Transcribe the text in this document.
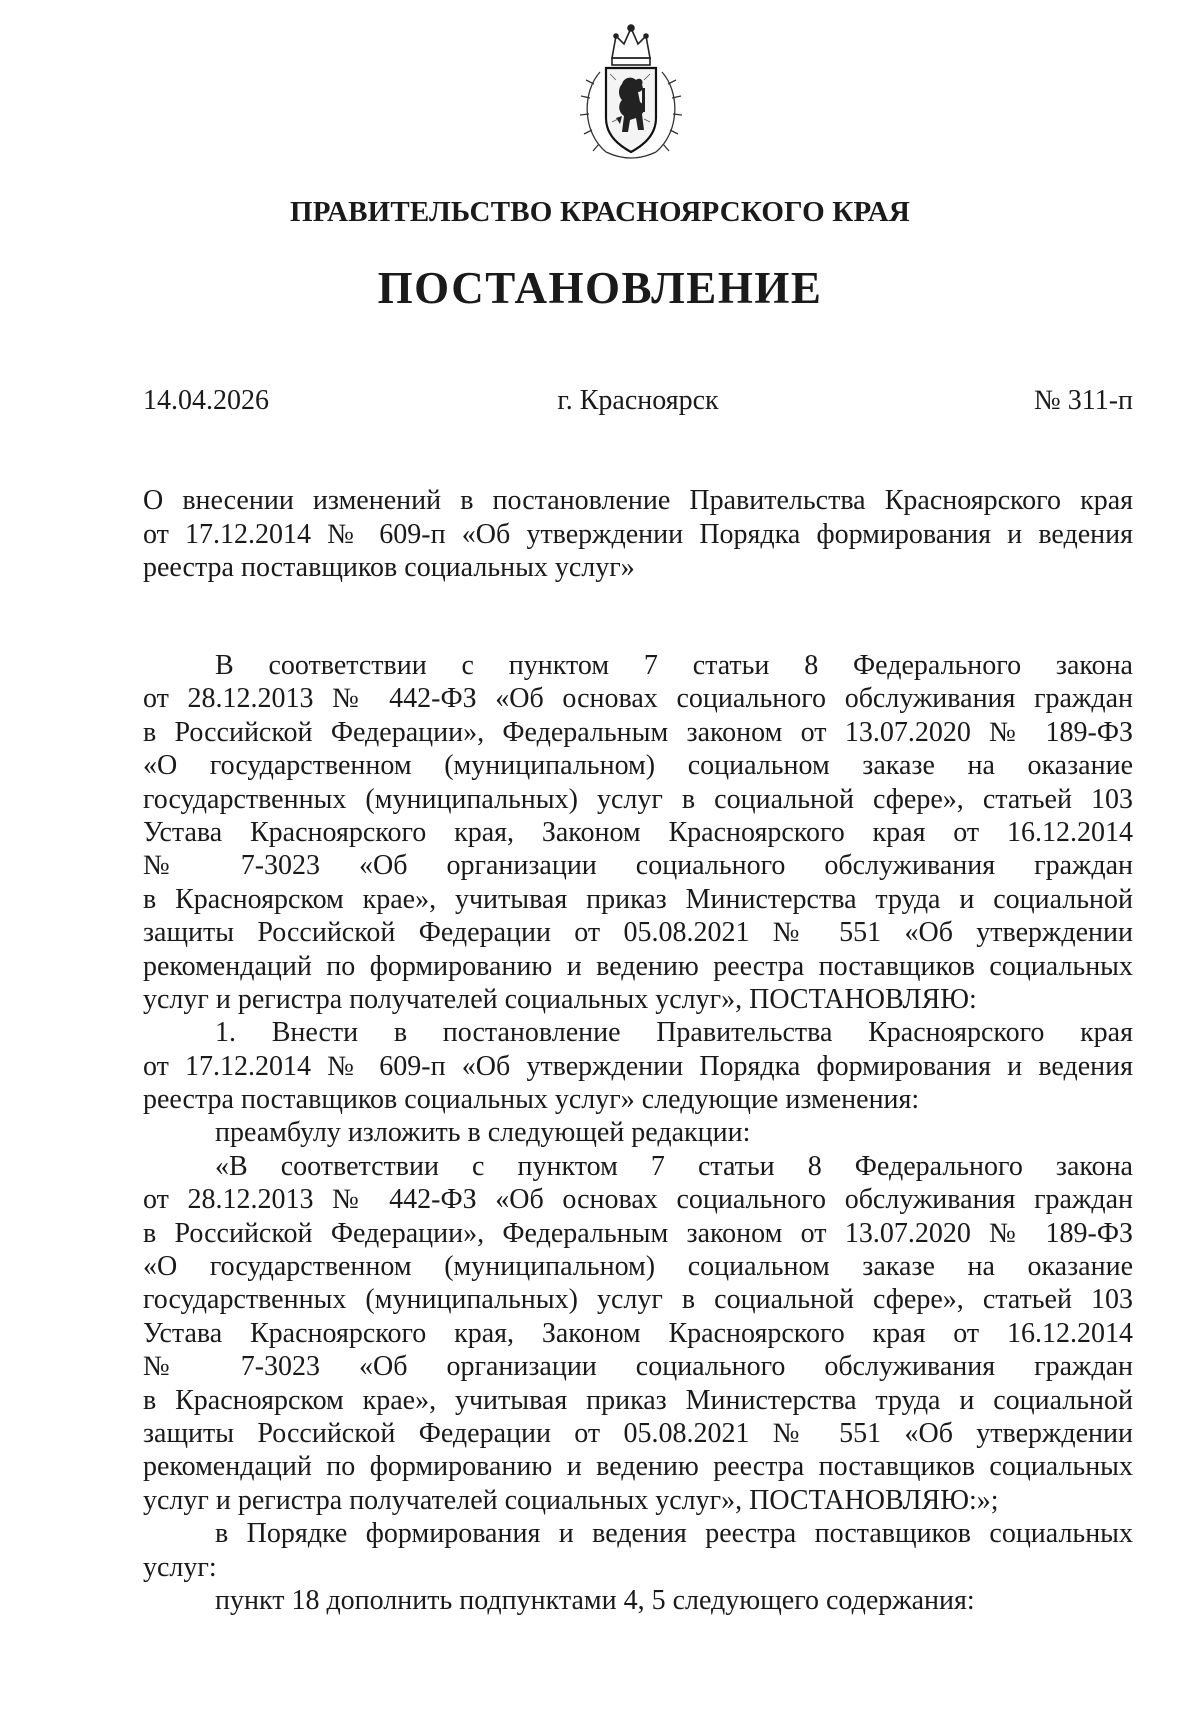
ПРАВИТЕЛЬСТВО КРАСНОЯРСКОГО КРАЯ
ПОСТАНОВЛЕНИЕ
14.04.2026	г. Красноярск	№ 311-п
О внесении изменений в постановление Правительства Красноярского края
от 17.12.2014 № 609-п «Об утверждении Порядка формирования и ведения
реестра поставщиков социальных услуг»
В соответствии с пунктом 7 статьи 8 Федерального закона
от 28.12.2013 № 442-ФЗ «Об основах социального обслуживания граждан
в Российской Федерации», Федеральным законом от 13.07.2020 № 189-ФЗ
«О государственном (муниципальном) социальном заказе на оказание
государственных (муниципальных) услуг в социальной сфере», статьей 103
Устава Красноярского края, Законом Красноярского края от 16.12.2014
№ 7-3023 «Об организации социального обслуживания граждан
в Красноярском крае», учитывая приказ Министерства труда и социальной
защиты Российской Федерации от 05.08.2021 № 551 «Об утверждении
рекомендаций по формированию и ведению реестра поставщиков социальных
услуг и регистра получателей социальных услуг», ПОСТАНОВЛЯЮ:
1. Внести в постановление Правительства Красноярского края
от 17.12.2014 № 609-п «Об утверждении Порядка формирования и ведения
реестра поставщиков социальных услуг» следующие изменения:
преамбулу изложить в следующей редакции:
«В соответствии с пунктом 7 статьи 8 Федерального закона
от 28.12.2013 № 442-ФЗ «Об основах социального обслуживания граждан
в Российской Федерации», Федеральным законом от 13.07.2020 № 189-ФЗ
«О государственном (муниципальном) социальном заказе на оказание
государственных (муниципальных) услуг в социальной сфере», статьей 103
Устава Красноярского края, Законом Красноярского края от 16.12.2014
№ 7-3023 «Об организации социального обслуживания граждан
в Красноярском крае», учитывая приказ Министерства труда и социальной
защиты Российской Федерации от 05.08.2021 № 551 «Об утверждении
рекомендаций по формированию и ведению реестра поставщиков социальных
услуг и регистра получателей социальных услуг», ПОСТАНОВЛЯЮ:»;
в Порядке формирования и ведения реестра поставщиков социальных
услуг:
пункт 18 дополнить подпунктами 4, 5 следующего содержания:
